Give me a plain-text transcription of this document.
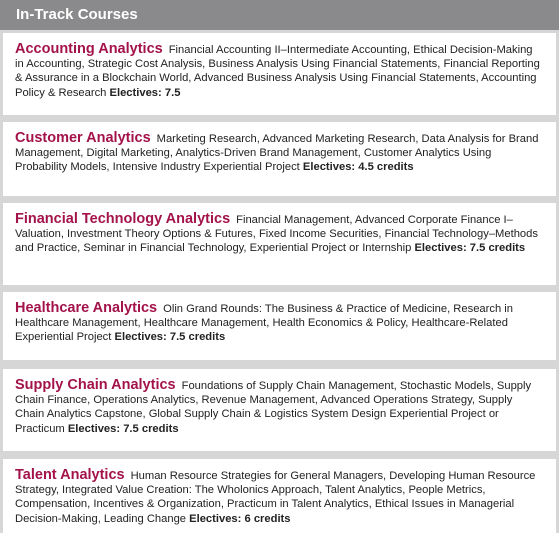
In-Track Courses
Accounting Analytics Financial Accounting II–Intermediate Accounting, Ethical Decision-Making in Accounting, Strategic Cost Analysis, Business Analysis Using Financial Statements, Financial Reporting & Assurance in a Blockchain World, Advanced Business Analysis Using Financial Statements, Accounting Policy & Research Electives: 7.5
Customer Analytics Marketing Research, Advanced Marketing Research, Data Analysis for Brand Management, Digital Marketing, Analytics-Driven Brand Management, Customer Analytics Using Probability Models, Intensive Industry Experiential Project Electives: 4.5 credits
Financial Technology Analytics Financial Management, Advanced Corporate Finance I–Valuation, Investment Theory Options & Futures, Fixed Income Securities, Financial Technology–Methods and Practice, Seminar in Financial Technology, Experiential Project or Internship Electives: 7.5 credits
Healthcare Analytics Olin Grand Rounds: The Business & Practice of Medicine, Research in Healthcare Management, Healthcare Management, Health Economics & Policy, Healthcare-Related Experiential Project Electives: 7.5 credits
Supply Chain Analytics Foundations of Supply Chain Management, Stochastic Models, Supply Chain Finance, Operations Analytics, Revenue Management, Advanced Operations Strategy, Supply Chain Analytics Capstone, Global Supply Chain & Logistics System Design Experiential Project or Practicum Electives: 7.5 credits
Talent Analytics Human Resource Strategies for General Managers, Developing Human Resource Strategy, Integrated Value Creation: The Wholonics Approach, Talent Analytics, People Metrics, Compensation, Incentives & Organization, Practicum in Talent Analytics, Ethical Issues in Managerial Decision-Making, Leading Change Electives: 6 credits
